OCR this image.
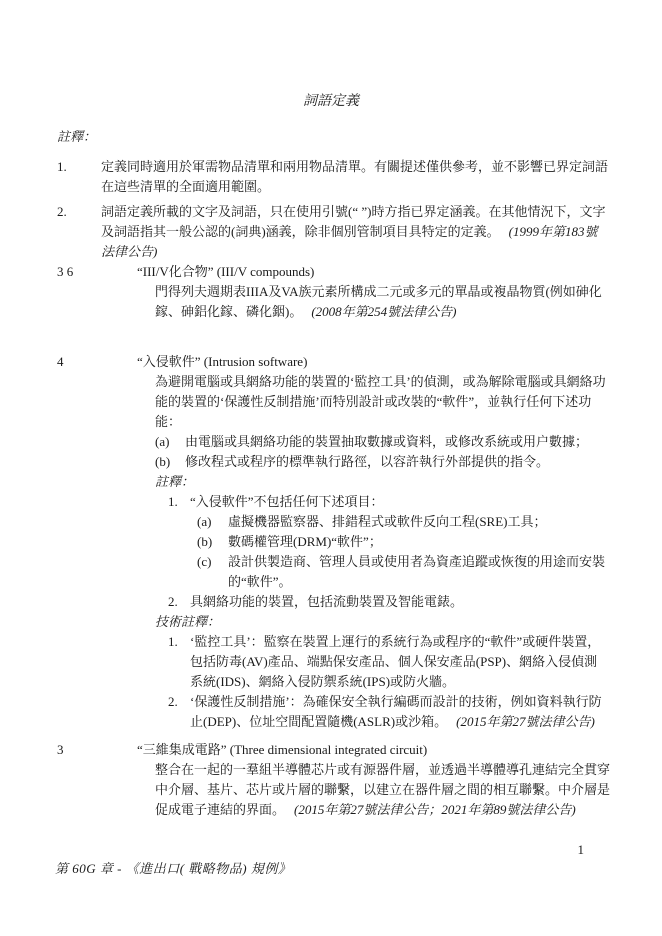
詞語定義
註釋：
1.	定義同時適用於軍需物品清單和兩用物品清單。有關提述僅供參考，並不影響已界定詞語在這些清單的全面適用範圍。
2.	詞語定義所載的文字及詞語，只在使用引號(“ ”)時方指已界定涵義。在其他情況下，文字及詞語指其一般公認的(詞典)涵義，除非個別管制項目具特定的定義。 (1999年第183號法律公告)
3 6	“III/V化合物” (III/V compounds)
門得列夫週期表IIIA及VA族元素所構成二元或多元的單晶或複晶物質(例如砷化鎵、砷鋁化鎵、磷化銦)。 (2008年第254號法律公告)
4	“入侵軟件” (Intrusion software)
為避開電腦或具網絡功能的裝置的‘監控工具’的偵測，或為解除電腦或具網絡功能的裝置的‘保護性反制措施’而特別設計或改裝的“軟件”，並執行任何下述功能：
(a) 由電腦或具網絡功能的裝置抽取數據或資料，或修改系統或用户數據；
(b) 修改程式或程序的標準執行路徑，以容許執行外部提供的指令。
註釋：
1. “入侵軟件”不包括任何下述項目：
(a) 虛擬機器監察器、排錯程式或軟件反向工程(SRE)工具；
(b) 數碼權管理(DRM)“軟件”；
(c) 設計供製造商、管理人員或使用者為資產追蹤或恢復的用途而安裝的“軟件”。
2. 具網絡功能的裝置，包括流動裝置及智能電錶。
技術註釋：
1. ‘監控工具’：監察在裝置上運行的系統行為或程序的“軟件”或硬件裝置，包括防毒(AV)產品、端點保安產品、個人保安產品(PSP)、網絡入侵偵測系統(IDS)、網絡入侵防禦系統(IPS)或防火牆。
2. ‘保護性反制措施’：為確保安全執行編碼而設計的技術，例如資料執行防止(DEP)、位址空間配置隨機(ASLR)或沙箱。 (2015年第27號法律公告)
3	“三維集成電路” (Three dimensional integrated circuit)
整合在一起的一羣組半導體芯片或有源器件層，並透過半導體導孔連結完全貫穿中介層、基片、芯片或片層的聯繫，以建立在器件層之間的相互聯繫。中介層是促成電子連結的界面。 (2015年第27號法律公告；2021年第89號法律公告)
1
第 60G 章 - 《進出口( 戰略物品) 規例》
